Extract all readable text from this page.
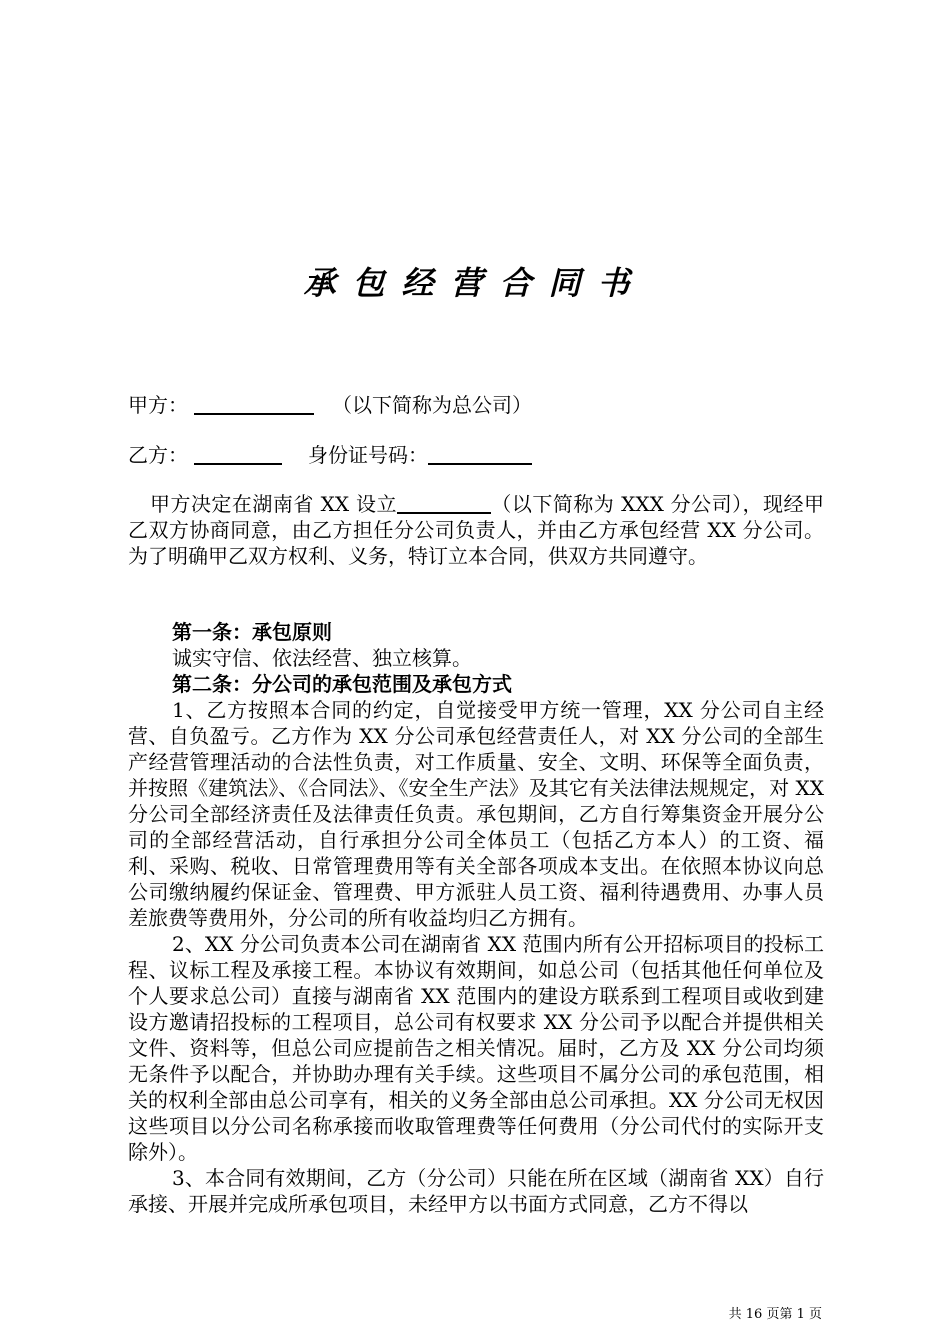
承包经营合同书
甲方：	（以下简称为总公司）
乙方：	身份证号码：

甲方决定在湖南省 XX 设立	（以下简称为 XXX 分公司），现经甲乙双方协商同意，由乙方担任分公司负责人，并由乙方承包经营 XX 分公司。为了明确甲乙双方权利、义务，特订立本合同，供双方共同遵守。

第一条：承包原则

诚实守信、依法经营、独立核算。

第二条：分公司的承包范围及承包方式

1、乙方按照本合同的约定，自觉接受甲方统一管理，XX 分公司自主经营、自负盈亏。乙方作为 XX 分公司承包经营责任人，对 XX 分公司的全部生产经营管理活动的合法性负责，对工作质量、安全、文明、环保等全面负责，并按照《建筑法》、《合同法》、《安全生产法》及其它有关法律法规规定，对 XX 分公司全部经济责任及法律责任负责。承包期间，乙方自行筹集资金开展分公司的全部经营活动，自行承担分公司全体员工（包括乙方本人）的工资、福利、采购、税收、日常管理费用等有关全部各项成本支出。在依照本协议向总公司缴纳履约保证金、管理费、甲方派驻人员工资、福利待遇费用、办事人员差旅费等费用外，分公司的所有收益均归乙方拥有。

2、XX 分公司负责本公司在湖南省 XX 范围内所有公开招标项目的投标工程、议标工程及承接工程。本协议有效期间，如总公司（包括其他任何单位及个人要求总公司）直接与湖南省 XX 范围内的建设方联系到工程项目或收到建设方邀请招投标的工程项目，总公司有权要求 XX 分公司予以配合并提供相关文件、资料等，但总公司应提前告之相关情况。届时，乙方及 XX 分公司均须无条件予以配合，并协助办理有关手续。这些项目不属分公司的承包范围，相关的权利全部由总公司享有，相关的义务全部由总公司承担。XX 分公司无权因这些项目以分公司名称承接而收取管理费等任何费用（分公司代付的实际开支除外）。

3、本合同有效期间，乙方（分公司）只能在所在区域（湖南省 XX）自行承接、开展并完成所承包项目，未经甲方以书面方式同意，乙方不得以

共 16 页第 1 页
